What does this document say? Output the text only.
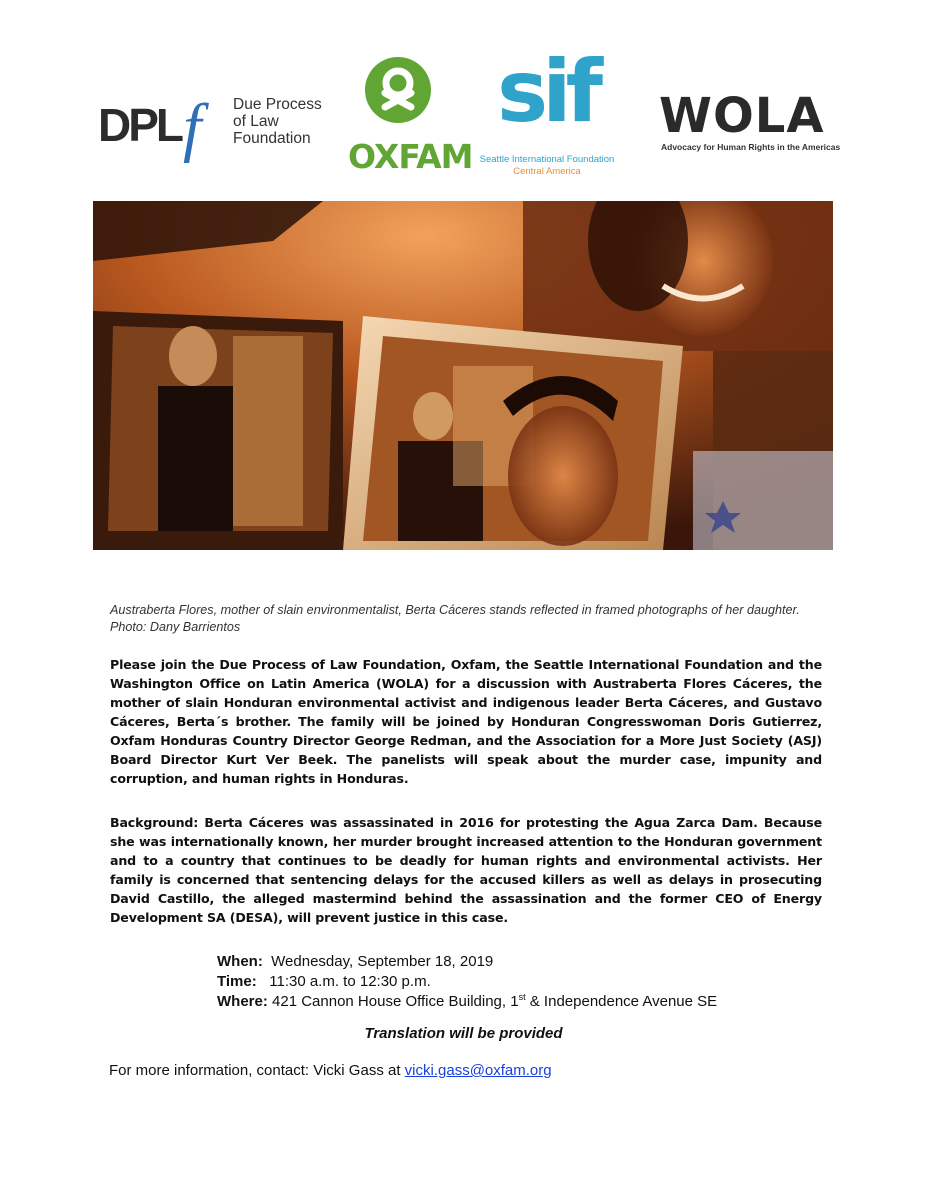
DPLf Due Process
of Law
Foundation	OXFAM
sif
Seattle International Foundation
Central America
WOLA
Advocacy for Human Rights in the Americas
Austraberta Flores, mother of slain environmentalist, Berta Cáceres stands reflected in framed photographs of her daughter. Photo: Dany Barrientos
Please join the Due Process of Law Foundation, Oxfam, the Seattle International Foundation and the Washington Office on Latin America (WOLA) for a discussion with Austraberta Flores Cáceres, the mother of slain Honduran environmental activist and indigenous leader Berta Cáceres, and Gustavo Cáceres, Berta´s brother. The family will be joined by Honduran Congresswoman Doris Gutierrez, Oxfam Honduras Country Director George Redman, and the Association for a More Just Society (ASJ) Board Director Kurt Ver Beek. The panelists will speak about the murder case, impunity and corruption, and human rights in Honduras.
Background: Berta Cáceres was assassinated in 2016 for protesting the Agua Zarca Dam. Because she was internationally known, her murder brought increased attention to the Honduran government and to a country that continues to be deadly for human rights and environmental activists. Her family is concerned that sentencing delays for the accused killers as well as delays in prosecuting David Castillo, the alleged mastermind behind the assassination and the former CEO of Energy Development SA (DESA), will prevent justice in this case.
When: Wednesday, September 18, 2019
Time: 11:30 a.m. to 12:30 p.m.
Where: 421 Cannon House Office Building, 1st & Independence Avenue SE
Translation will be provided
For more information, contact: Vicki Gass at vicki.gass@oxfam.org
